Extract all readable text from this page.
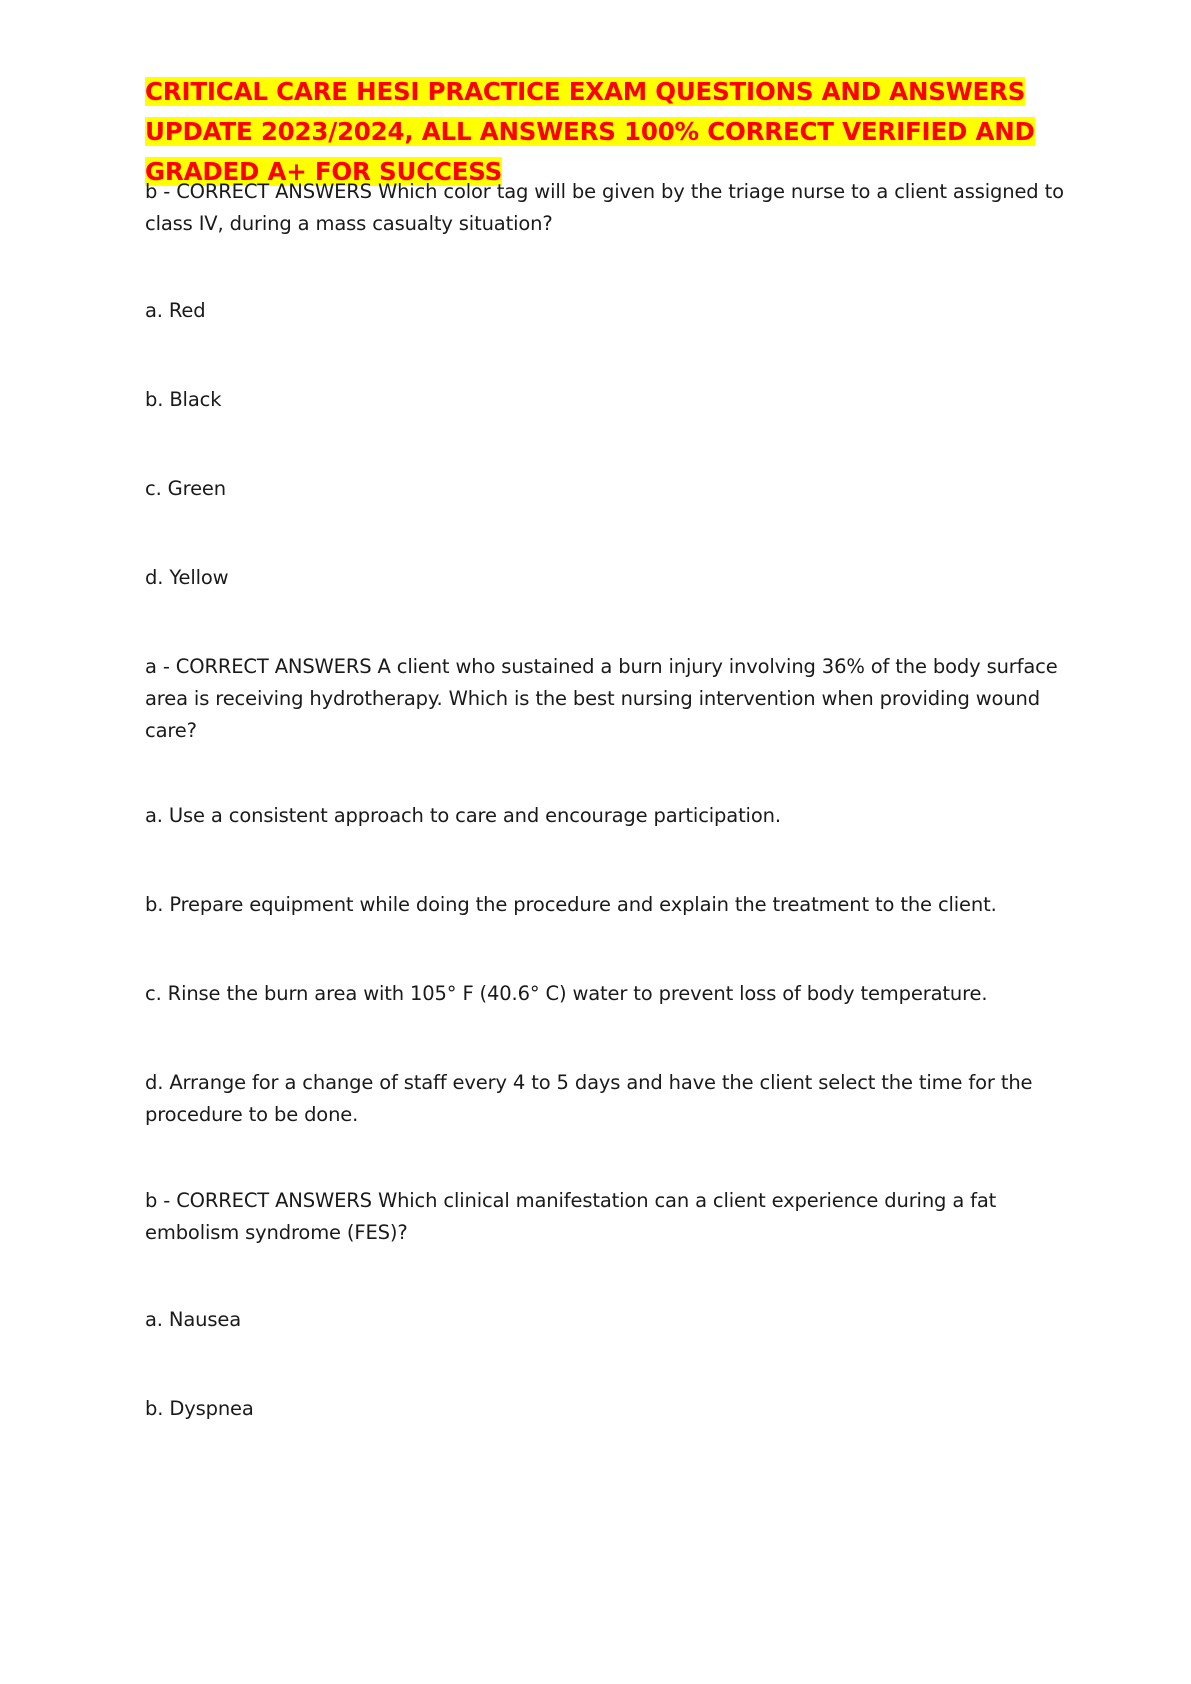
CRITICAL CARE HESI PRACTICE EXAM QUESTIONS AND ANSWERS
UPDATE 2023/2024, ALL ANSWERS 100% CORRECT VERIFIED AND
GRADED A+ FOR SUCCESS

b - CORRECT ANSWERS Which color tag will be given by the triage nurse to a client assigned to class IV, during a mass casualty situation?

a. Red

b. Black

c. Green

d. Yellow

a - CORRECT ANSWERS A client who sustained a burn injury involving 36% of the body surface area is receiving hydrotherapy. Which is the best nursing intervention when providing wound care?

a. Use a consistent approach to care and encourage participation.

b. Prepare equipment while doing the procedure and explain the treatment to the client.

c. Rinse the burn area with 105° F (40.6° C) water to prevent loss of body temperature.

d. Arrange for a change of staff every 4 to 5 days and have the client select the time for the procedure to be done.

b - CORRECT ANSWERS Which clinical manifestation can a client experience during a fat embolism syndrome (FES)?

a. Nausea

b. Dyspnea
